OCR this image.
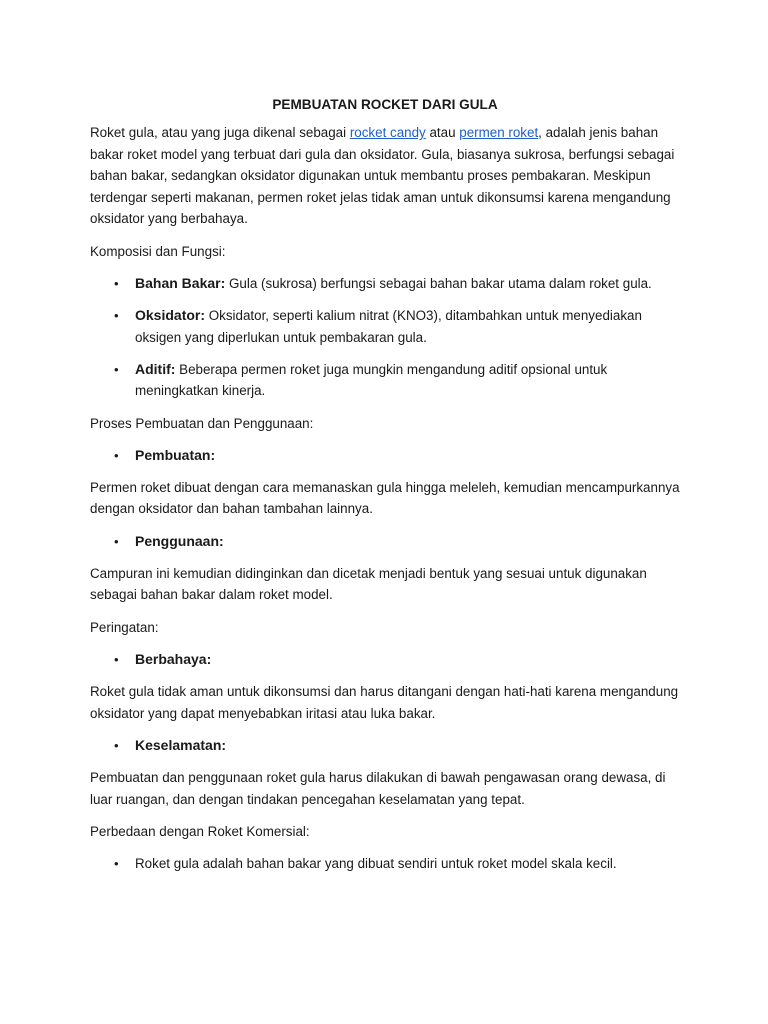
PEMBUATAN ROCKET DARI GULA

Roket gula, atau yang juga dikenal sebagai rocket candy atau permen roket, adalah jenis bahan bakar roket model yang terbuat dari gula dan oksidator. Gula, biasanya sukrosa, berfungsi sebagai bahan bakar, sedangkan oksidator digunakan untuk membantu proses pembakaran. Meskipun terdengar seperti makanan, permen roket jelas tidak aman untuk dikonsumsi karena mengandung oksidator yang berbahaya.

Komposisi dan Fungsi:

• Bahan Bakar: Gula (sukrosa) berfungsi sebagai bahan bakar utama dalam roket gula.
• Oksidator: Oksidator, seperti kalium nitrat (KNO3), ditambahkan untuk menyediakan oksigen yang diperlukan untuk pembakaran gula.
• Aditif: Beberapa permen roket juga mungkin mengandung aditif opsional untuk meningkatkan kinerja.

Proses Pembuatan dan Penggunaan:

• Pembuatan:

Permen roket dibuat dengan cara memanaskan gula hingga meleleh, kemudian mencampurkannya dengan oksidator dan bahan tambahan lainnya.

• Penggunaan:

Campuran ini kemudian didinginkan dan dicetak menjadi bentuk yang sesuai untuk digunakan sebagai bahan bakar dalam roket model.

Peringatan:

• Berbahaya:

Roket gula tidak aman untuk dikonsumsi dan harus ditangani dengan hati-hati karena mengandung oksidator yang dapat menyebabkan iritasi atau luka bakar.

• Keselamatan:

Pembuatan dan penggunaan roket gula harus dilakukan di bawah pengawasan orang dewasa, di luar ruangan, dan dengan tindakan pencegahan keselamatan yang tepat.

Perbedaan dengan Roket Komersial:

• Roket gula adalah bahan bakar yang dibuat sendiri untuk roket model skala kecil.
